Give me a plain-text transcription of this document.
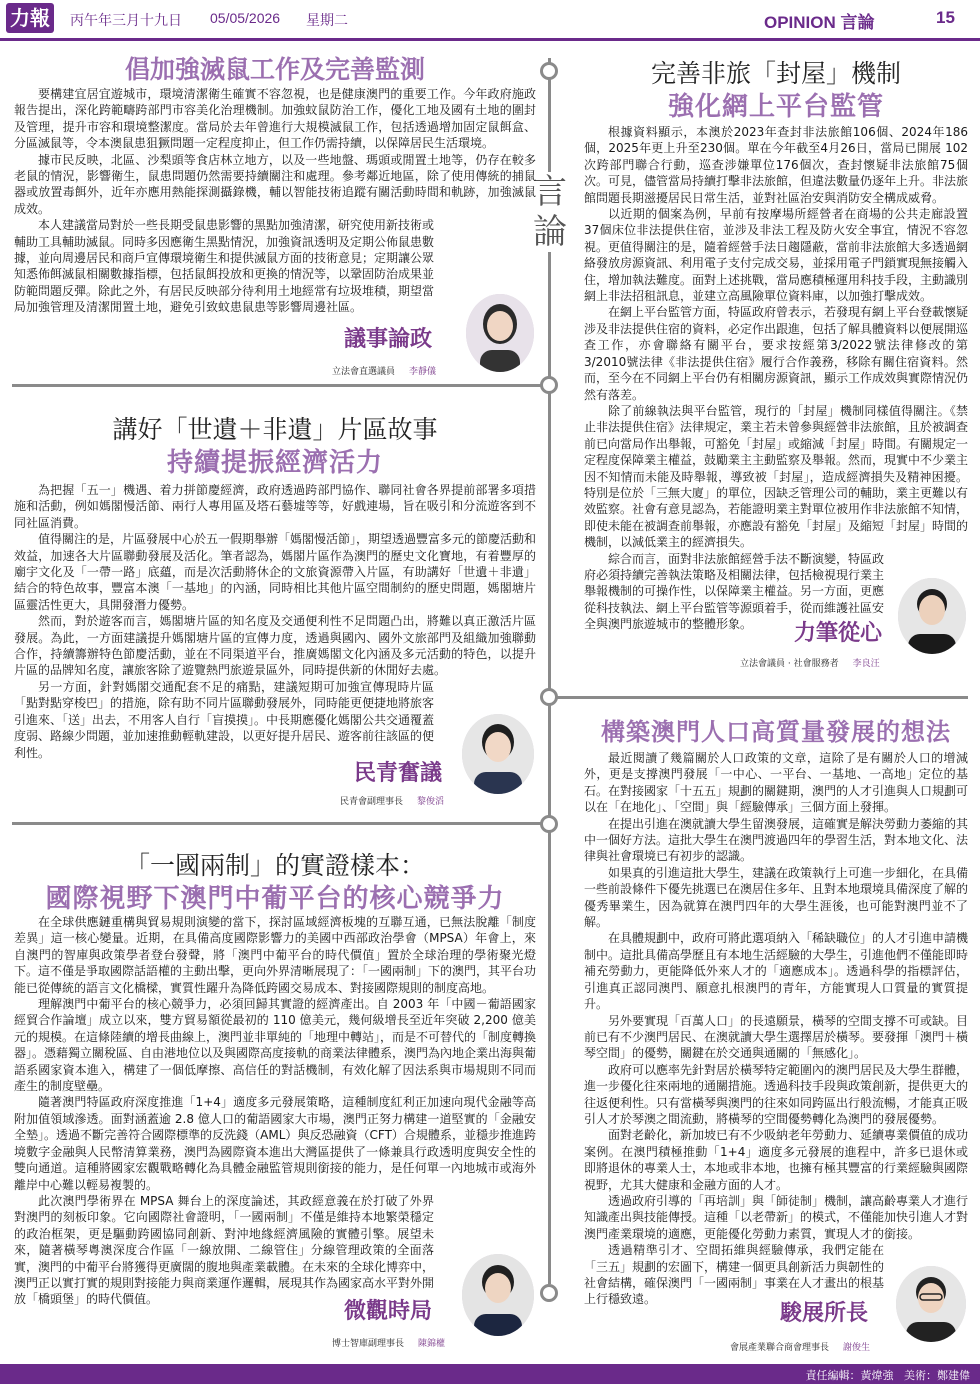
力報 丙午年三月十九日 05/05/2026 星期二	OPINION 言論	15
言論
倡加強滅鼠工作及完善監測

要構建宜居宜遊城市，環境清潔衛生確實不容忽視，也是健康澳門的重要工作。今年政府施政報告提出，深化跨範疇跨部門市容美化治理機制。加強蚊鼠防治工作，優化工地及國有土地的圍封及管理，提升市容和環境整潔度。當局於去年曾進行大規模滅鼠工作，包括透過增加固定鼠餌盒、分區滅鼠等，令本澳鼠患狙獗問題一定程度抑止，但工作仍需持續，以保障居民生活環境。

據市民反映，北區、沙梨頭等食店林立地方，以及一些地盤、瑪頭或閒置土地等，仍存在較多老鼠的情況，影響衛生，鼠患問題仍然需要持續關注和處理。參考鄰近地區，除了使用傳統的捕鼠器或放置毒餌外，近年亦應用熱能探測攝錄機，輔以智能技術追蹤有關活動時間和軌跡，加強滅鼠成效。

本人建議當局對於一些長期受鼠患影響的黑點加強清潔，研究使用新技術或輔助工具輔助滅鼠。同時多因應衛生黑點情況，加強資訊透明及定期公佈鼠患數據，並向周邊居民和商戶宣傳環境衛生和提供滅鼠方面的技術意見；定期讓公眾知悉佈餌滅鼠相關數據指標，包括鼠餌投放和更換的情況等，以鞏固防治成果並防範問題反彈。除此之外，有居民反映部分待利用土地經常有垃圾堆積，期望當局加強管理及清潔閒置土地，避免引致蚊患鼠患等影響周邊社區。

議事論政
立法會直選議員 李靜儀
講好「世遺＋非遺」片區故事
持續提振經濟活力

為把握「五一」機遇、着力拼節慶經濟，政府透過跨部門協作、聯同社會各界提前部署多項措施和活動，例如媽閣慢活節、兩行人專用區及塔石藝墟等等，好戲連場，旨在吸引和分流遊客到不同社區消費。

值得關注的是，片區發展中心於五一假期舉辦「媽閣慢活節」，期望透過豐富多元的節慶活動和效益，加速各大片區聯動發展及活化。筆者認為，媽閣片區作為澳門的歷史文化寶地，有着豐厚的廟宇文化及「一帶一路」底蘊，而是次活動將休企的文旅資源帶入片區，有助講好「世遺＋非遺」結合的特色故事，豐富本澳「一基地」的內涵，同時相比其他片區空間制約的歷史問題，媽閣塘片區靈活性更大，具開發潛力優勢。

然而，對於遊客而言，媽閣塘片區的知名度及交通便利性不足問題凸出，將難以真正激活片區發展。為此，一方面建議提升媽閣塘片區的宣傳力度，透過與國內、國外文旅部門及組織加強聯動合作，持續籌辦特色節慶活動，並在不同渠道平台，推廣媽閣文化內涵及多元活動的特色，以提升片區的品牌知名度，讓旅客除了遊覽熱門旅遊景區外，同時提供新的休閒好去處。

另一方面，針對媽閣交通配套不足的痛點，建議短期可加強宣傳現時片區「點對點穿梭巴」的措施，除有助不同片區聯動發展外，同時能更便捷地將旅客引進來、「送」出去，不用客人自行「盲摸摸」。中長期應優化媽閣公共交通覆蓋度弱、路線少問題，並加速推動輕軌建設，以更好提升居民、遊客前往該區的便利性。

民青奮議
民青會副理事長 黎俊滔
「一國兩制」的實證樣本：
國際視野下澳門中葡平台的核心競爭力

在全球供應鏈重構與貿易規則演變的當下，探討區域經濟板塊的互聯互通，已無法脫離「制度差異」這一核心變量。近期，在具備高度國際影響力的美國中西部政治學會（MPSA）年會上，來自澳門的智庫與政策學者登台發聲，將「澳門中葡平台的時代價值」置於全球治理的學術聚光燈下。這不僅是爭取國際話語權的主動出擊，更向外界清晰展現了：「一國兩制」下的澳門，其平台功能已從傳統的語言文化橋樑，實質性躍升為降低跨國交易成本、對接國際規則的制度高地。

理解澳門中葡平台的核心競爭力，必須回歸其實證的經濟產出。自 2003 年「中國－葡語國家經貿合作論壇」成立以來，雙方貿易額從最初的 110 億美元，幾何級增長至近年突破 2,200 億美元的規模。在這條陸續的增長曲線上，澳門並非單純的「地理中轉站」，而是不可替代的「制度轉換器」。憑藉獨立關稅區、自由港地位以及與國際高度接軌的商業法律體系，澳門為內地企業出海與葡語系國家資本進入，構建了一個低摩擦、高信任的對話機制，有效化解了因法系與市場規則不同而產生的制度壁壘。

隨著澳門特區政府深度推進「1+4」適度多元發展策略，這種制度紅利正加速向現代金融等高附加值領域滲透。面對涵蓋逾 2.8 億人口的葡語國家大市場，澳門正努力構建一道堅實的「金融安全墊」。透過不斷完善符合國際標準的反洗錢（AML）與反恐融資（CFT）合規體系，並穩步推進跨境數字金融與人民幣清算業務，澳門為國際資本進出大灣區提供了一條兼具行政透明度與安全性的雙向通道。這種將國家宏觀戰略轉化為具體金融監管規則銜接的能力，是任何單一內地城市或海外離岸中心難以輕易複製的。

此次澳門學術界在 MPSA 舞台上的深度論述，其政經意義在於打破了外界對澳門的刻板印象。它向國際社會證明，「一國兩制」不僅是維持本地繁榮穩定的政治框架，更是驅動跨國協同創新、對沖地緣經濟風險的實體引擎。展望未來，隨著橫琴粵澳深度合作區「一線放開、二線管住」分線管理政策的全面落實，澳門的中葡平台將獲得更廣闊的腹地與產業載體。在未來的全球化博弈中，澳門正以實打實的規則對接能力與商業運作邏輯，展現其作為國家高水平對外開放「橋頭堡」的時代價值。	微觀時局
博士智庫副理事長 陳錦權
完善非旅「封屋」機制
強化網上平台監管

根據資料顯示，本澳於2023年查封非法旅館106個、2024年186個，2025年更上升至230個。單在今年截至4月26日，當局已開展 102 次跨部門聯合行動，巡查涉嫌單位176個次，查封懷疑非法旅館75個次。可見，儘管當局持續打擊非法旅館，但違法數量仍逐年上升。非法旅館問題長期滋擾居民日常生活，並對社區治安與消防安全構成威脅。

以近期的個案為例，早前有按摩場所經營者在商場的公共走廊設置37個床位非法提供住宿，並涉及非法工程及防火安全事宜，情況不容忽視。更值得關注的是，隨着經營手法日趨隱蔽，當前非法旅館大多透過網絡發放房源資訊、利用電子支付完成交易，並採用電子門鎖實現無接觸入住，增加執法難度。面對上述挑戰，當局應積極運用科技手段，主動識別網上非法招租訊息，並建立高風險單位資料庫，以加強打擊成效。

在網上平台監管方面，特區政府曾表示，若發現有網上平台登載懷疑涉及非法提供住宿的資料，必定作出跟進，包括了解具體資料以便展開巡查工作，亦會聯絡有關平台，要求按經第3/2022號法律修改的第3/2010號法律《非法提供住宿》履行合作義務，移除有關住宿資料。然而，至今在不同網上平台仍有相關房源資訊，顯示工作成效與實際情況仍然有落差。

除了前線執法與平台監管，現行的「封屋」機制同樣值得關注。《禁止非法提供住宿》法律規定，業主若未曾參與經營非法旅館，且於被調查前已向當局作出舉報，可豁免「封屋」或縮減「封屋」時間。有關規定一定程度保障業主權益，鼓勵業主主動監察及舉報。然而，現實中不少業主因不知情而未能及時舉報，導致被「封屋」，造成經濟損失及精神困擾。特別是位於「三無大廈」的單位，因缺乏管理公司的輔助，業主更難以有效監察。社會有意見認為，若能證明業主對單位被用作非法旅館不知情，即使未能在被調查前舉報，亦應設有豁免「封屋」及縮短「封屋」時間的機制，以減低業主的經濟損失。

綜合而言，面對非法旅館經營手法不斷演變，特區政府必須持續完善執法策略及相關法律，包括檢視現行業主舉報機制的可操作性，以保障業主權益。另一方面，更應從科技執法、網上平台監管等源頭着手，從而維護社區安全與澳門旅遊城市的整體形象。	力筆從心
立法會議員 · 社會服務者 李良汪
構築澳門人口高質量發展的想法

最近閱讀了幾篇關於人口政策的文章，這除了是有關於人口的增減外，更是支撐澳門發展「一中心、一平台、一基地、一高地」定位的基石。在對接國家「十五五」規劃的關鍵期，澳門的人才引進與人口規劃可以在「在地化」、「空間」與「經驗傳承」三個方面上發揮。

在提出引進在澳就讀大學生留澳發展，這確實是解決勞動力萎縮的其中一個好方法。這批大學生在澳門渡過四年的學習生活，對本地文化、法律與社會環境已有初步的認識。

如果真的引進這批大學生，建議在政策執行上可進一步細化，在具備一些前設條件下優先挑選已在澳居住多年、且對本地環境具備深度了解的優秀畢業生，因為就算在澳門四年的大學生涯後，也可能對澳門並不了解。

在具體規劃中，政府可將此選項納入「稀缺職位」的人才引進申請機制中。這批具備高學歷且有本地生活經驗的大學生，引進他們不僅能即時補充勞動力，更能降低外來人才的「適應成本」。透過科學的指標評估，引進真正認同澳門、願意扎根澳門的青年，方能實現人口質量的實質提升。

另外要實現「百萬人口」的長遠願景，橫琴的空間支撐不可或缺。目前已有不少澳門居民、在澳就讀大學生選擇居於橫琴。要發揮「澳門＋橫琴空間」的優勢，關鍵在於交通與通關的「無感化」。

政府可以應率先針對居於橫琴特定範圍內的澳門居民及大學生群體，進一步優化往來兩地的通關措施。透過科技手段與政策創新，提供更大的往返便利性。只有當橫琴與澳門的往來如同跨區出行般流暢，才能真正吸引人才於琴澳之間流動，將橫琴的空間優勢轉化為澳門的發展優勢。

面對老齡化，新加坡已有不少吸納老年勞動力、延續專業價值的成功案例。在澳門積極推動「1+4」適度多元發展的進程中，許多已退休或即將退休的專業人士，本地或非本地，也擁有極其豐富的行業經驗與國際視野，尤其大健康和金融方面的人才。

透過政府引導的「再培訓」與「師徒制」機制，讓高齡專業人才進行知識產出與技能傳授。這種「以老帶新」的模式，不僅能加快引進人才對澳門產業環境的適應，更能優化勞動力素質，實現人才的銜接。

透過精準引才、空間拓維與經驗傳承，我們定能在「三五」規劃的宏圖下，構建一個更具創新活力與韌性的社會結構，確保澳門「一國兩制」事業在人才畫出的根基上行穩致遠。

駿展所長
會展產業聯合商會理事長 謝俊生
責任編輯：黃煒強 美術：鄭建偉
